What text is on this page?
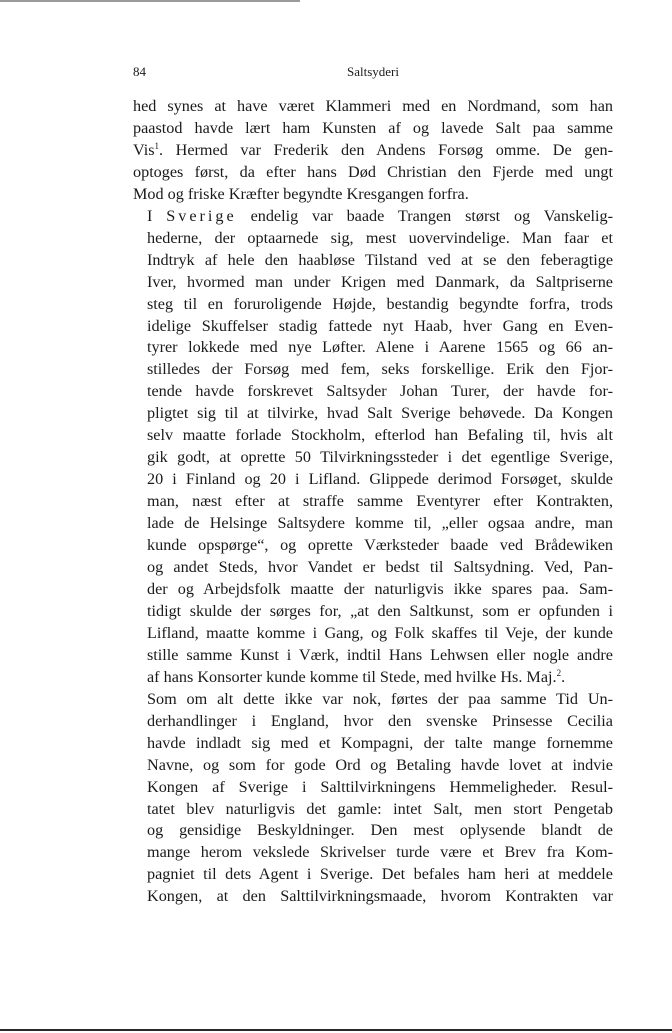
84	Saltsyderi

hed synes at have været Klammeri med en Nordmand, som han
paastod havde lært ham Kunsten af og lavede Salt paa samme
Vis$^1$. Hermed var Frederik den Andens Forsøg omme. De gen-
optoges først, da efter hans Død Christian den Fjerde med ungt
Mod og friske Kræfter begyndte Kresgangen forfra.

I Sverige endelig var baade Trangen størst og Vanskelig-
hederne, der optaarnede sig, mest uovervindelige. Man faar et
Indtryk af hele den haabløse Tilstand ved at se den feberagtige
Iver, hvormed man under Krigen med Danmark, da Saltpriserne
steg til en foruroligende Højde, bestandig begyndte forfra, trods
idelige Skuffelser stadig fattede nyt Haab, hver Gang en Even-
tyrer lokkede med nye Løfter. Alene i Aarene 1565 og 66 an-
stilledes der Forsøg med fem, seks forskellige. Erik den Fjor-
tende havde forskrevet Saltsyder Johan Turer, der havde for-
pligtet sig til at tilvirke, hvad Salt Sverige behøvede. Da Kongen
selv maatte forlade Stockholm, efterlod han Befaling til, hvis alt
gik godt, at oprette 50 Tilvirkningssteder i det egentlige Sverige,
20 i Finland og 20 i Lifland. Glippede derimod Forsøget, skulde
man, næst efter at straffe samme Eventyrer efter Kontrakten,
lade de Helsinge Saltsydere komme til, „eller ogsaa andre, man
kunde opspørge“, og oprette Værksteder baade ved Brådewiken
og andet Steds, hvor Vandet er bedst til Saltsydning. Ved, Pan-
der og Arbejdsfolk maatte der naturligvis ikke spares paa. Sam-
tidigt skulde der sørges for, „at den Saltkunst, som er opfunden i
Lifland, maatte komme i Gang, og Folk skaffes til Veje, der kunde
stille samme Kunst i Værk, indtil Hans Lehwsen eller nogle andre
af hans Konsorter kunde komme til Stede, med hvilke Hs. Maj.$^2$.

Som om alt dette ikke var nok, førtes der paa samme Tid Un-
derhandlinger i England, hvor den svenske Prinsesse Cecilia
havde indladt sig med et Kompagni, der talte mange fornemme
Navne, og som for gode Ord og Betaling havde lovet at indvie
Kongen af Sverige i Salttilvirkningens Hemmeligheder. Resul-
tatet blev naturligvis det gamle: intet Salt, men stort Pengetab
og gensidige Beskyldninger. Den mest oplysende blandt de
mange herom vekslede Skrivelser turde være et Brev fra Kom-
pagniet til dets Agent i Sverige. Det befales ham heri at meddele
Kongen, at den Salttilvirkningsmaade, hvorom Kontrakten var
